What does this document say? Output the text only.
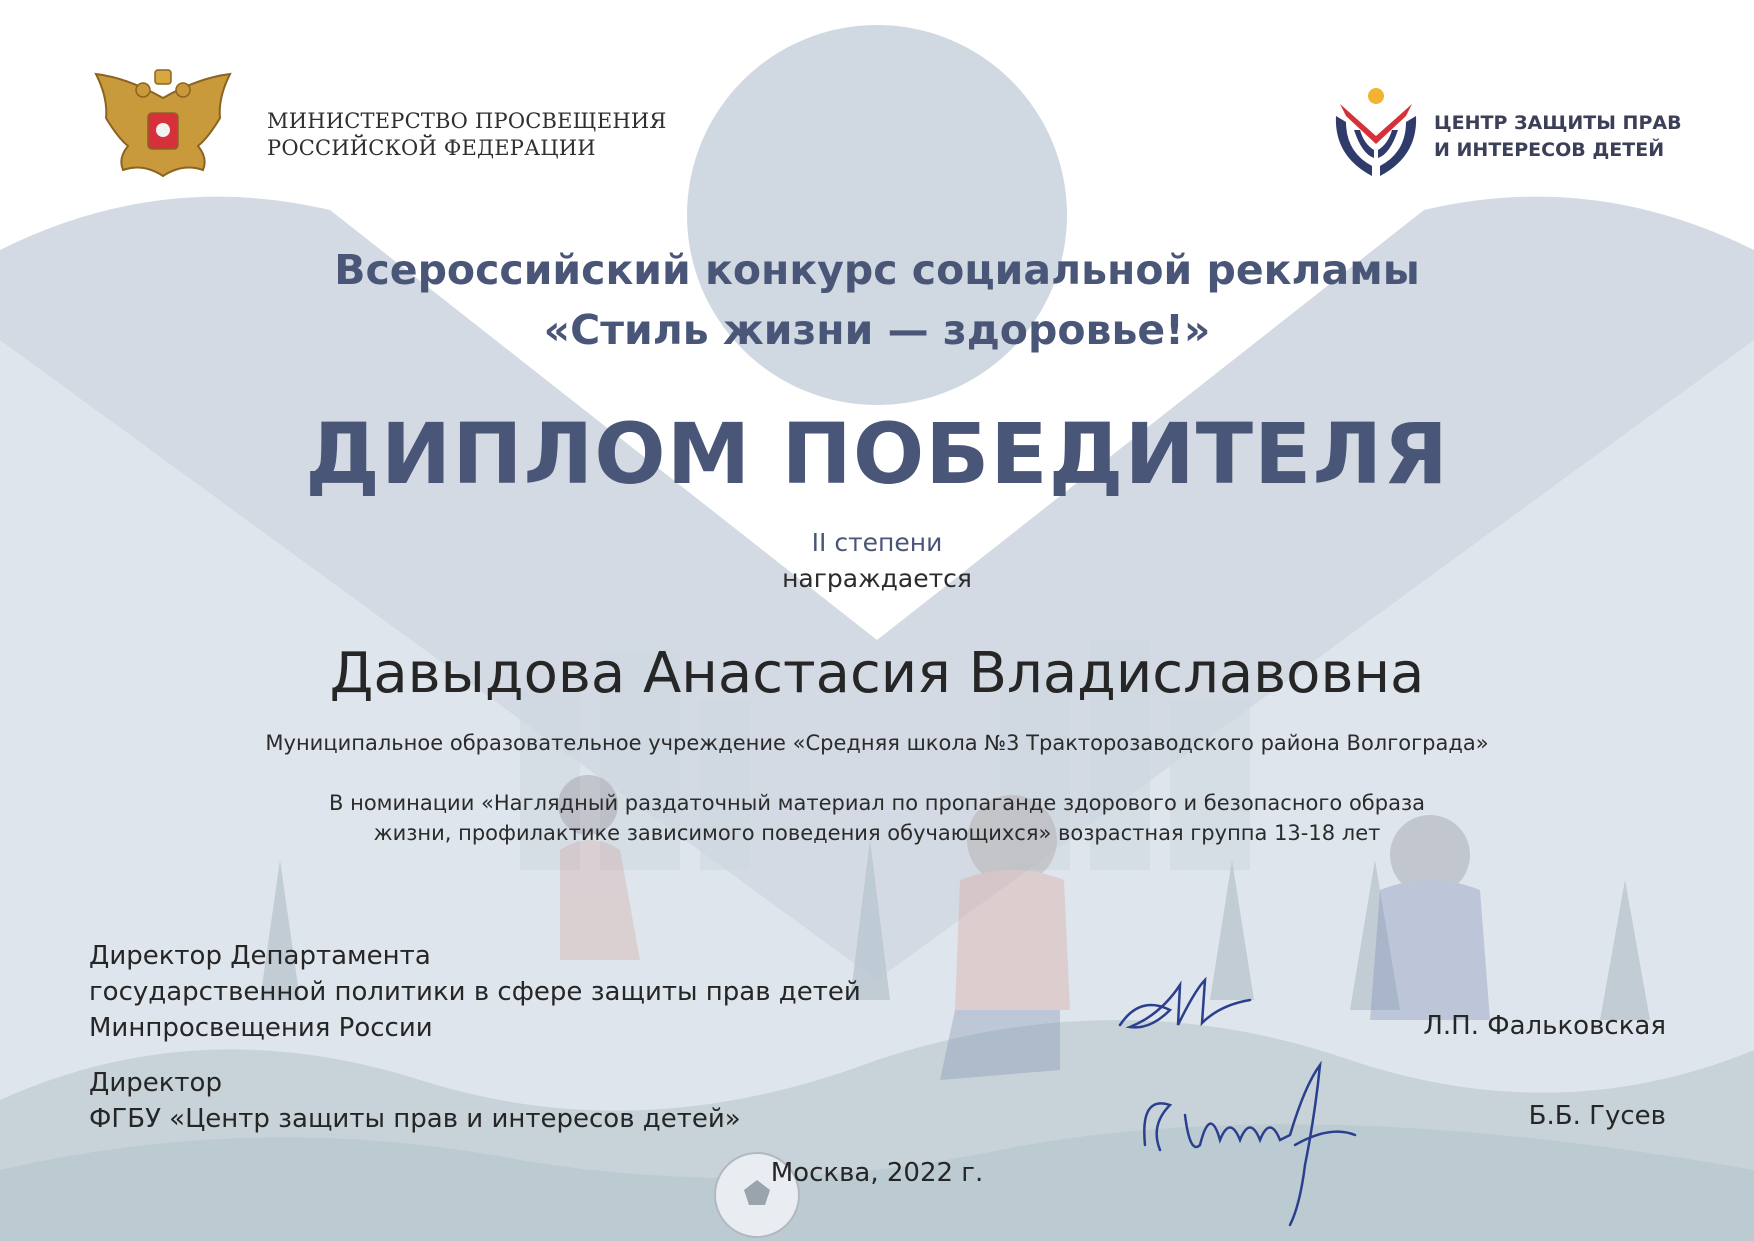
МИНИСТЕРСТВО ПРОСВЕЩЕНИЯ
РОССИЙСКОЙ ФЕДЕРАЦИИ
ЦЕНТР ЗАЩИТЫ ПРАВ
И ИНТЕРЕСОВ ДЕТЕЙ
Всероссийский конкурс социальной рекламы
«Стиль жизни — здоровье!»
ДИПЛОМ ПОБЕДИТЕЛЯ
II степени
награждается
Давыдова Анастасия Владиславовна
Муниципальное образовательное учреждение «Средняя школа №3 Тракторозаводского района Волгограда»
В номинации «Наглядный раздаточный материал по пропаганде здорового и безопасного образа
жизни, профилактике зависимого поведения обучающихся» возрастная группа 13-18 лет
Директор Департамента
государственной политики в сфере защиты прав детей
Минпросвещения России	Л.П. Фальковская
Директор
ФГБУ «Центр защиты прав и интересов детей»	Б.Б. Гусев
Москва, 2022 г.
